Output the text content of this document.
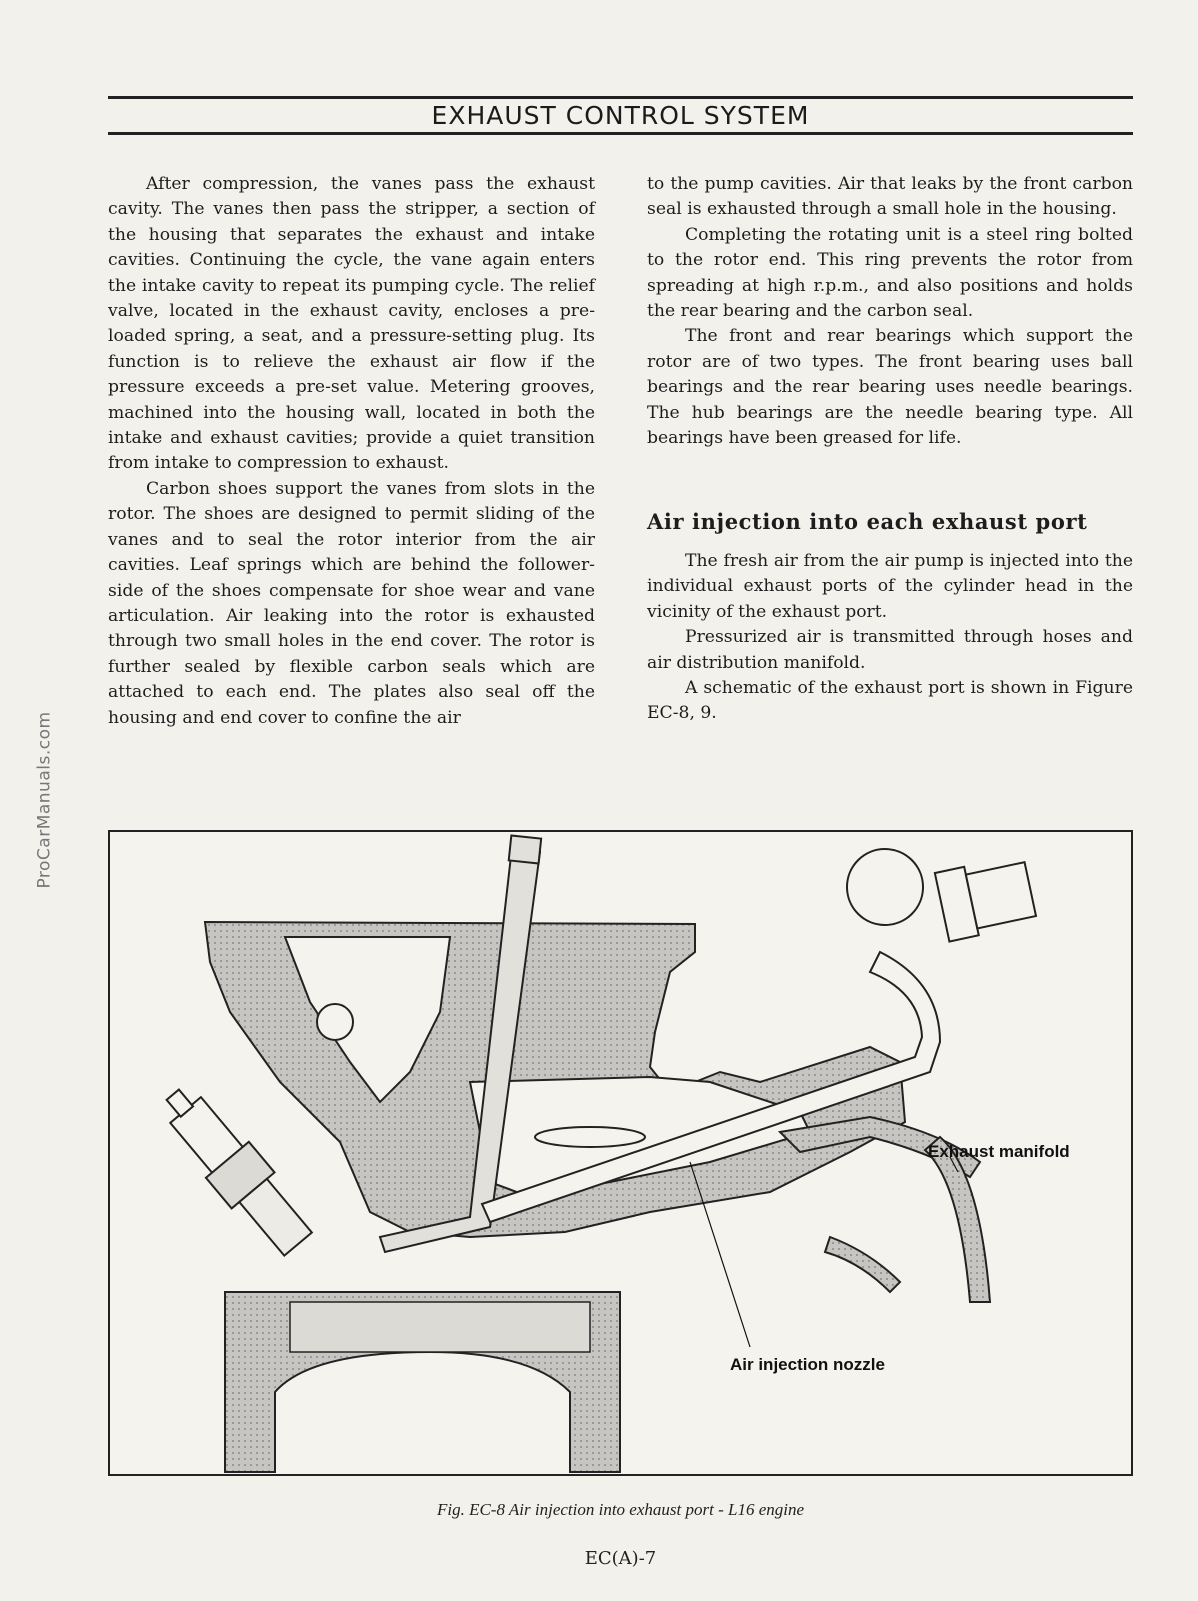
ProCarManuals.com
EXHAUST CONTROL SYSTEM

After compression, the vanes pass the exhaust cavity. The vanes then pass the stripper, a section of the housing that separates the exhaust and intake cavities. Continuing the cycle, the vane again enters the intake cavity to repeat its pumping cycle. The relief valve, located in the exhaust cavity, encloses a pre-loaded spring, a seat, and a pressure-setting plug. Its function is to relieve the exhaust air flow if the pressure exceeds a pre-set value. Metering grooves, machined into the housing wall, located in both the intake and exhaust cavities; provide a quiet transition from intake to compression to exhaust.

Carbon shoes support the vanes from slots in the rotor. The shoes are designed to permit sliding of the vanes and to seal the rotor interior from the air cavities. Leaf springs which are behind the follower-side of the shoes compensate for shoe wear and vane articulation. Air leaking into the rotor is exhausted through two small holes in the end cover. The rotor is further sealed by flexible carbon seals which are attached to each end. The plates also seal off the housing and end cover to confine the air

to the pump cavities. Air that leaks by the front carbon seal is exhausted through a small hole in the housing.

Completing the rotating unit is a steel ring bolted to the rotor end. This ring prevents the rotor from spreading at high r.p.m., and also positions and holds the rear bearing and the carbon seal.

The front and rear bearings which support the rotor are of two types. The front bearing uses ball bearings and the rear bearing uses needle bearings. The hub bearings are the needle bearing type. All bearings have been greased for life.

Air injection into each exhaust port

The fresh air from the air pump is injected into the individual exhaust ports of the cylinder head in the vicinity of the exhaust port.

Pressurized air is transmitted through hoses and air distribution manifold.

A schematic of the exhaust port is shown in Figure EC-8, 9.

Exhaust manifold
Air injection nozzle
Fig. EC-8 Air injection into exhaust port - L16 engine
EC(A)-7
